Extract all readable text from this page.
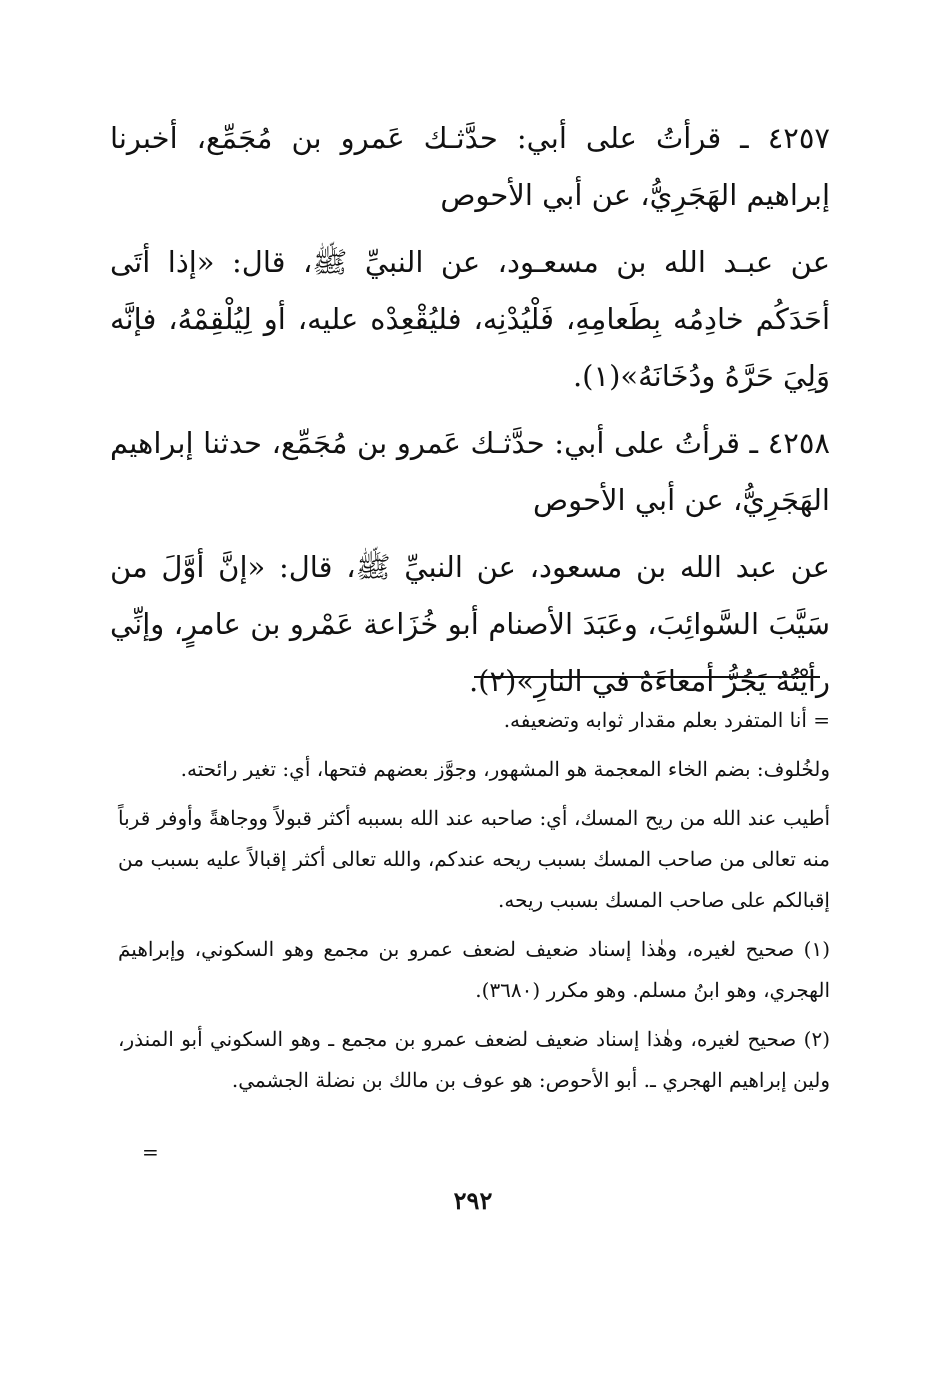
٤٢٥٧ ـ قرأتُ على أبي: حدَّثـك عَمرو بن مُجَمِّع، أخبرنا إبراهيم الهَجَرِيُّ، عن أبي الأحوص

عن عبـد الله بن مسعـود، عن النبيِّ ﷺ، قال: «إذا أتَى أحَدَكُم خادِمُه بِطَعامِهِ، فَلْيُدْنِه، فليُقْعِدْه عليه، أو لِيُلْقِمْهُ، فإنَّه وَلِيَ حَرَّهُ ودُخَانَهُ»(١).

٤٢٥٨ ـ قرأتُ على أبي: حدَّثـك عَمرو بن مُجَمِّع، حدثنا إبراهيم الهَجَرِيُّ، عن أبي الأحوص

عن عبد الله بن مسعود، عن النبيِّ ﷺ، قال: «إنَّ أوَّلَ من سَيَّبَ السَّوائِبَ، وعَبَدَ الأصنام أبو خُزَاعة عَمْرو بن عامرٍ، وإنِّي رأيْتُهُ يَجُرُّ أمعاءَهُ في النارِ»(٢).

= أنا المتفرد بعلم مقدار ثوابه وتضعيفه.

ولخُلوف: بضم الخاء المعجمة هو المشهور، وجوَّز بعضهم فتحها، أي: تغير رائحته.

أطيب عند الله من ريح المسك، أي: صاحبه عند الله بسببه أكثر قبولاً ووجاهةً وأوفر قرباً منه تعالى من صاحب المسك بسبب ريحه عندكم، والله تعالى أكثر إقبالاً عليه بسبب من إقبالكم على صاحب المسك بسبب ريحه.

(١) صحيح لغيره، وهٰذا إسناد ضعيف لضعف عمرو بن مجمع وهو السكوني، وإبراهيمَ الهجري، وهو ابنُ مسلم. وهو مكرر (٣٦٨٠).

(٢) صحيح لغيره، وهٰذا إسناد ضعيف لضعف عمرو بن مجمع ـ وهو السكوني أبو المنذر، ولين إبراهيم الهجري ـ. أبو الأحوص: هو عوف بن مالك بن نضلة الجشمي.

=
٢٩٢
